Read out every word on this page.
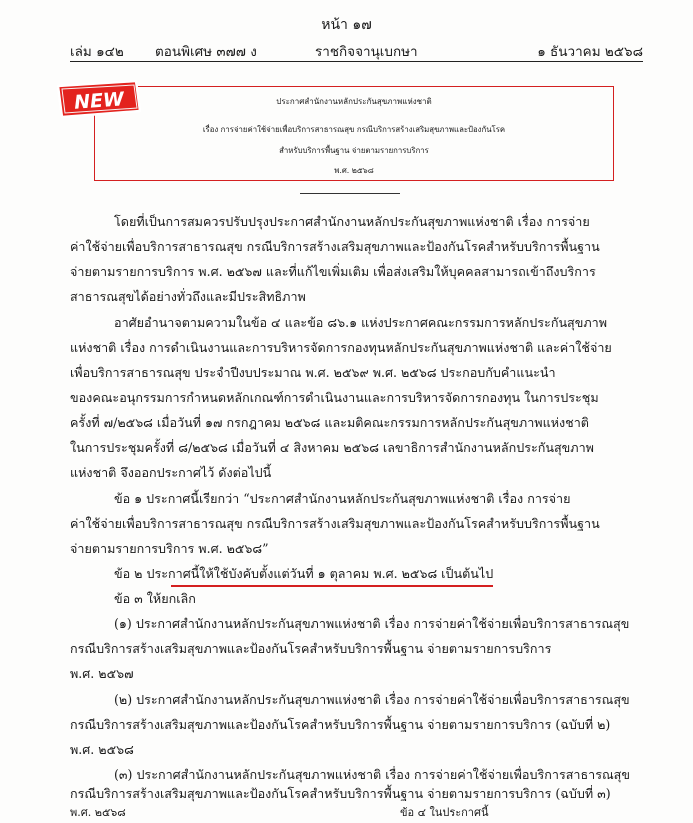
หน้า ๑๗
เล่ม ๑๔๒ ตอนพิเศษ ๓๗๗ ง	ราชกิจจานุเบกษา	๑ ธันวาคม ๒๕๖๘
NEW	ประกาศสำนักงานหลักประกันสุขภาพแห่งชาติ
เรื่อง การจ่ายค่าใช้จ่ายเพื่อบริการสาธารณสุข กรณีบริการสร้างเสริมสุขภาพและป้องกันโรค
สำหรับบริการพื้นฐาน จ่ายตามรายการบริการ
พ.ศ. ๒๕๖๘
โดยที่เป็นการสมควรปรับปรุงประกาศสำนักงานหลักประกันสุขภาพแห่งชาติ เรื่อง การจ่าย
ค่าใช้จ่ายเพื่อบริการสาธารณสุข กรณีบริการสร้างเสริมสุขภาพและป้องกันโรคสำหรับบริการพื้นฐาน
จ่ายตามรายการบริการ พ.ศ. ๒๕๖๗ และที่แก้ไขเพิ่มเติม เพื่อส่งเสริมให้บุคคลสามารถเข้าถึงบริการ
สาธารณสุขได้อย่างทั่วถึงและมีประสิทธิภาพ
อาศัยอำนาจตามความในข้อ ๔ และข้อ ๘๖.๑ แห่งประกาศคณะกรรมการหลักประกันสุขภาพ
แห่งชาติ เรื่อง การดำเนินงานและการบริหารจัดการกองทุนหลักประกันสุขภาพแห่งชาติ และค่าใช้จ่าย
เพื่อบริการสาธารณสุข ประจำปีงบประมาณ พ.ศ. ๒๕๖๙ พ.ศ. ๒๕๖๘ ประกอบกับคำแนะนำ
ของคณะอนุกรรมการกำหนดหลักเกณฑ์การดำเนินงานและการบริหารจัดการกองทุน ในการประชุม
ครั้งที่ ๗/๒๕๖๘ เมื่อวันที่ ๑๗ กรกฎาคม ๒๕๖๘ และมติคณะกรรมการหลักประกันสุขภาพแห่งชาติ
ในการประชุมครั้งที่ ๘/๒๕๖๘ เมื่อวันที่ ๔ สิงหาคม ๒๕๖๘ เลขาธิการสำนักงานหลักประกันสุขภาพ
แห่งชาติ จึงออกประกาศไว้ ดังต่อไปนี้
ข้อ ๑ ประกาศนี้เรียกว่า “ประกาศสำนักงานหลักประกันสุขภาพแห่งชาติ เรื่อง การจ่าย
ค่าใช้จ่ายเพื่อบริการสาธารณสุข กรณีบริการสร้างเสริมสุขภาพและป้องกันโรคสำหรับบริการพื้นฐาน
จ่ายตามรายการบริการ พ.ศ. ๒๕๖๘”
ข้อ ๒ ประกาศนี้ให้ใช้บังคับตั้งแต่วันที่ ๑ ตุลาคม พ.ศ. ๒๕๖๘ เป็นต้นไป
ข้อ ๓ ให้ยกเลิก
(๑) ประกาศสำนักงานหลักประกันสุขภาพแห่งชาติ เรื่อง การจ่ายค่าใช้จ่ายเพื่อบริการสาธารณสุข
กรณีบริการสร้างเสริมสุขภาพและป้องกันโรคสำหรับบริการพื้นฐาน จ่ายตามรายการบริการ
พ.ศ. ๒๕๖๗
(๒) ประกาศสำนักงานหลักประกันสุขภาพแห่งชาติ เรื่อง การจ่ายค่าใช้จ่ายเพื่อบริการสาธารณสุข
กรณีบริการสร้างเสริมสุขภาพและป้องกันโรคสำหรับบริการพื้นฐาน จ่ายตามรายการบริการ (ฉบับที่ ๒)
พ.ศ. ๒๕๖๘
(๓) ประกาศสำนักงานหลักประกันสุขภาพแห่งชาติ เรื่อง การจ่ายค่าใช้จ่ายเพื่อบริการสาธารณสุข
กรณีบริการสร้างเสริมสุขภาพและป้องกันโรคสำหรับบริการพื้นฐาน จ่ายตามรายการบริการ (ฉบับที่ ๓)
พ.ศ. ๒๕๖๘	ข้อ ๔ ในประกาศนี้
